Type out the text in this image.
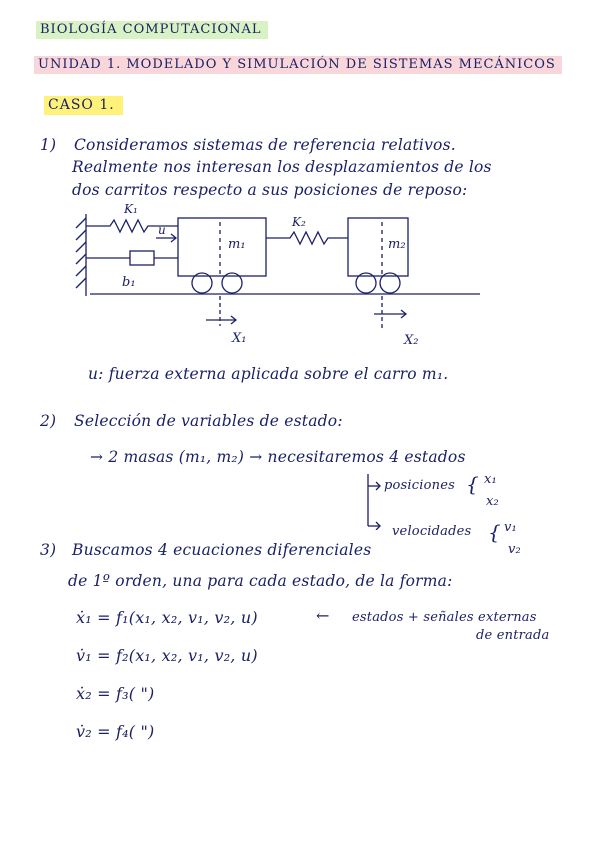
BIOLOGÍA COMPUTACIONAL
UNIDAD 1. MODELADO Y SIMULACIÓN DE SISTEMAS MECÁNICOS
CASO 1.
1) Consideramos sistemas de referencia relativos.
Realmente nos interesan los desplazamientos de los
dos carritos respecto a sus posiciones de reposo:
K₁
u
b₁
m₁
K₂
m₂
X₁	X₂
u: fuerza externa aplicada sobre el carro m₁.
2) Selección de variables de estado:
→ 2 masas (m₁, m₂) → necesitaremos 4 estados
posiciones { x₁
x₂
velocidades { v₁
v₂
3) Buscamos 4 ecuaciones diferenciales
de 1º orden, una para cada estado, de la forma:
ẋ₁ = f₁(x₁, x₂, v₁, v₂, u)	← estados + señales externas
de entrada
v̇₁ = f₂(x₁, x₂, v₁, v₂, u)
ẋ₂ = f₃( ")
v̇₂ = f₄( ")
